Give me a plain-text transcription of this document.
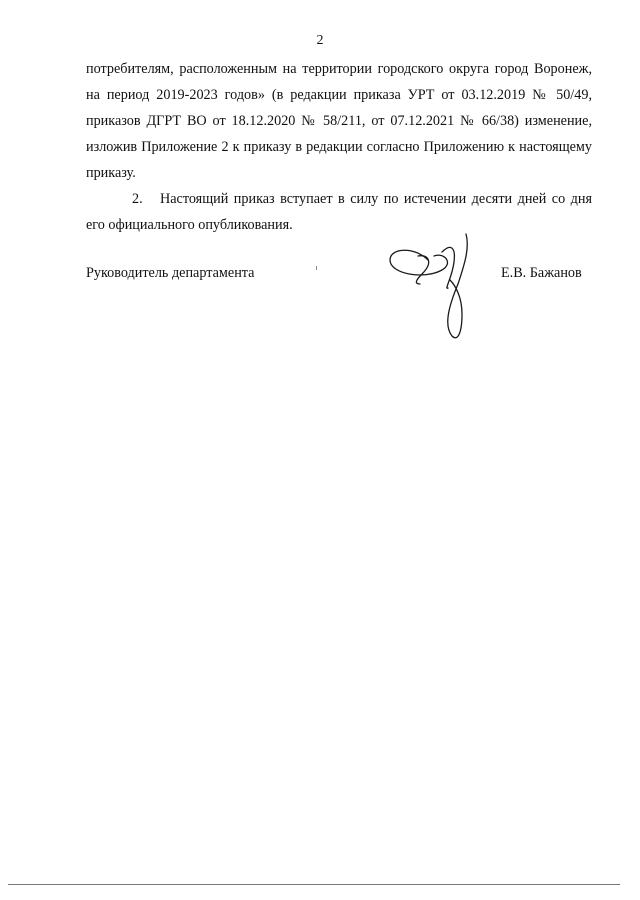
2

потребителям, расположенным на территории городского округа город Воронеж, на период 2019-2023 годов» (в редакции приказа УРТ от 03.12.2019 № 50/49, приказов ДГРТ ВО от 18.12.2020 № 58/211, от 07.12.2021 № 66/38) изменение, изложив Приложение 2 к приказу в редакции согласно Приложению к настоящему приказу.

2. Настоящий приказ вступает в силу по истечении десяти дней со дня его официального опубликования.

Руководитель департамента	Е.В. Бажанов
